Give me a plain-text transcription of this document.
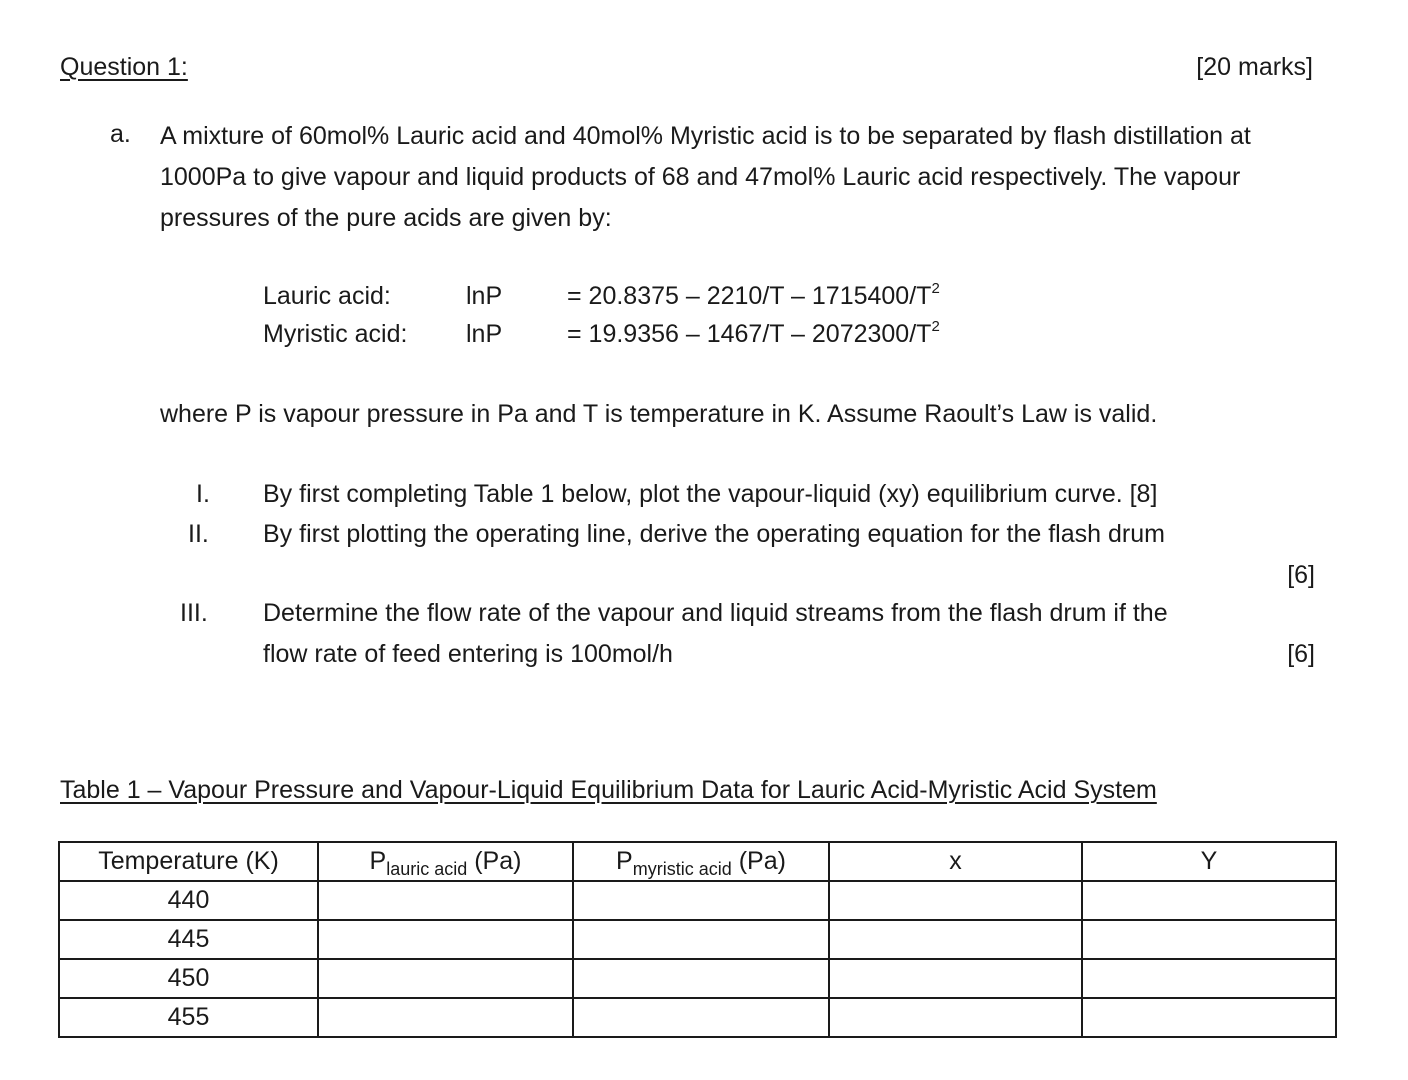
Question 1:	[20 marks]
a. A mixture of 60mol% Lauric acid and 40mol% Myristic acid is to be separated by flash distillation at 1000Pa to give vapour and liquid products of 68 and 47mol% Lauric acid respectively. The vapour pressures of the pure acids are given by:
Lauric acid:	lnP	= $20.8375 - 2210/T - 1715400/T^2$
Myristic acid: lnP	= $19.9356 - 1467/T - 2072300/T^2$
where P is vapour pressure in Pa and T is temperature in K. Assume Raoult’s Law is valid.
I. By first completing Table 1 below, plot the vapour-liquid (xy) equilibrium curve. [8]
II. By first plotting the operating line, derive the operating equation for the flash drum
[6]
III. Determine the flow rate of the vapour and liquid streams from the flash drum if the
flow rate of feed entering is 100mol/h	[6]
Table 1 – Vapour Pressure and Vapour-Liquid Equilibrium Data for Lauric Acid-Myristic Acid System
Temperature (K)	$P_{lauric acid}$ (Pa)	$P_{myristic acid}$ (Pa)	x	Y
440				
445				
450				
455				
